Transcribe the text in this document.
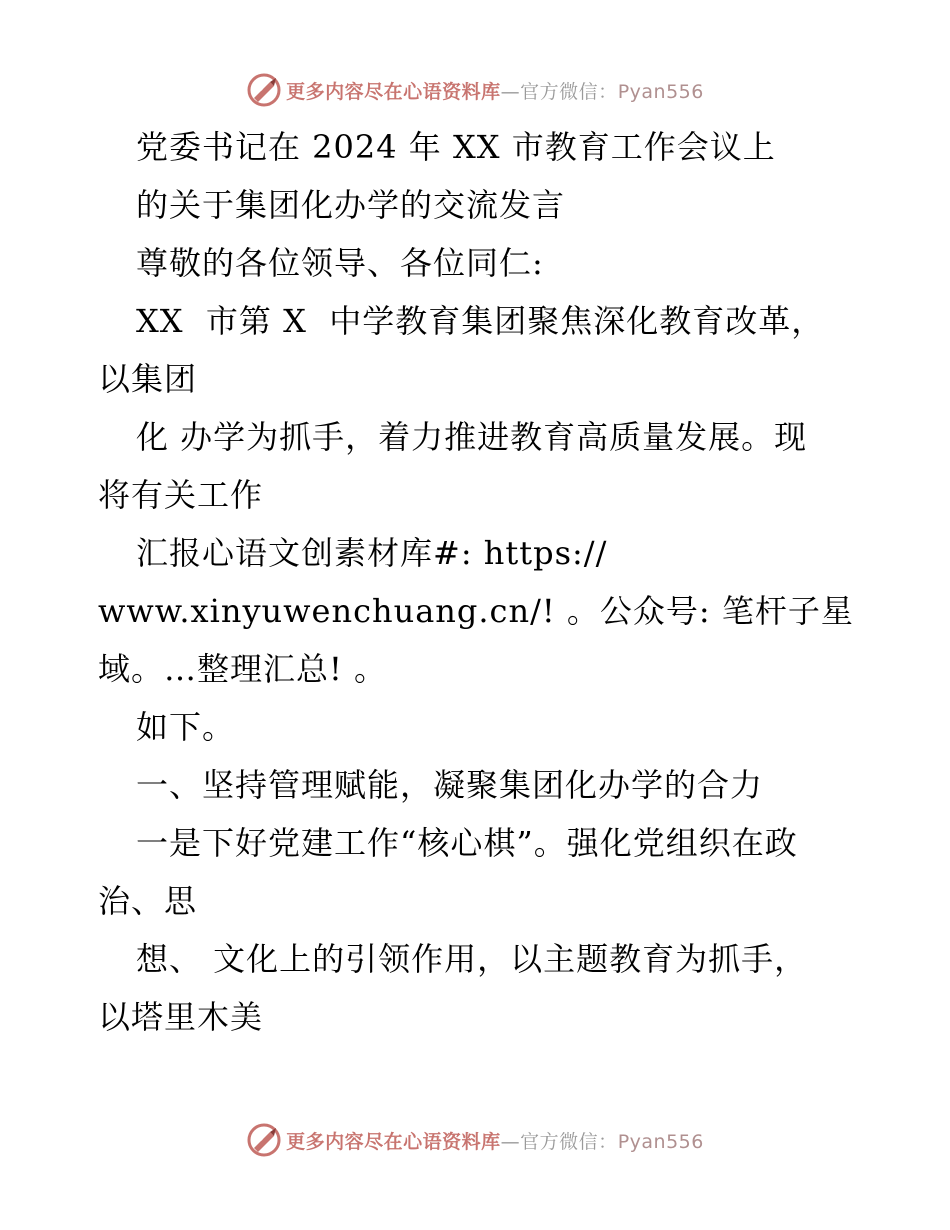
更多内容尽在心语资料库—官方微信：Pyan556
党委书记在 2024 年 XX 市教育工作会议上
的关于集团化办学的交流发言
尊敬的各位领导、各位同仁:
XX  市第 X  中学教育集团聚焦深化教育改革，
以集团
化 办学为抓手，着力推进教育高质量发展。现
将有关工作
汇报心语文创素材库#: https://
www.xinyuwenchuang.cn/! 。公众号: 笔杆子星
域。…整理汇总! 。
如下。
一、坚持管理赋能，凝聚集团化办学的合力
一是下好党建工作“核心棋”。强化党组织在政
治、思
想、 文化上的引领作用，以主题教育为抓手，
以塔里木美
更多内容尽在心语资料库—官方微信：Pyan556
